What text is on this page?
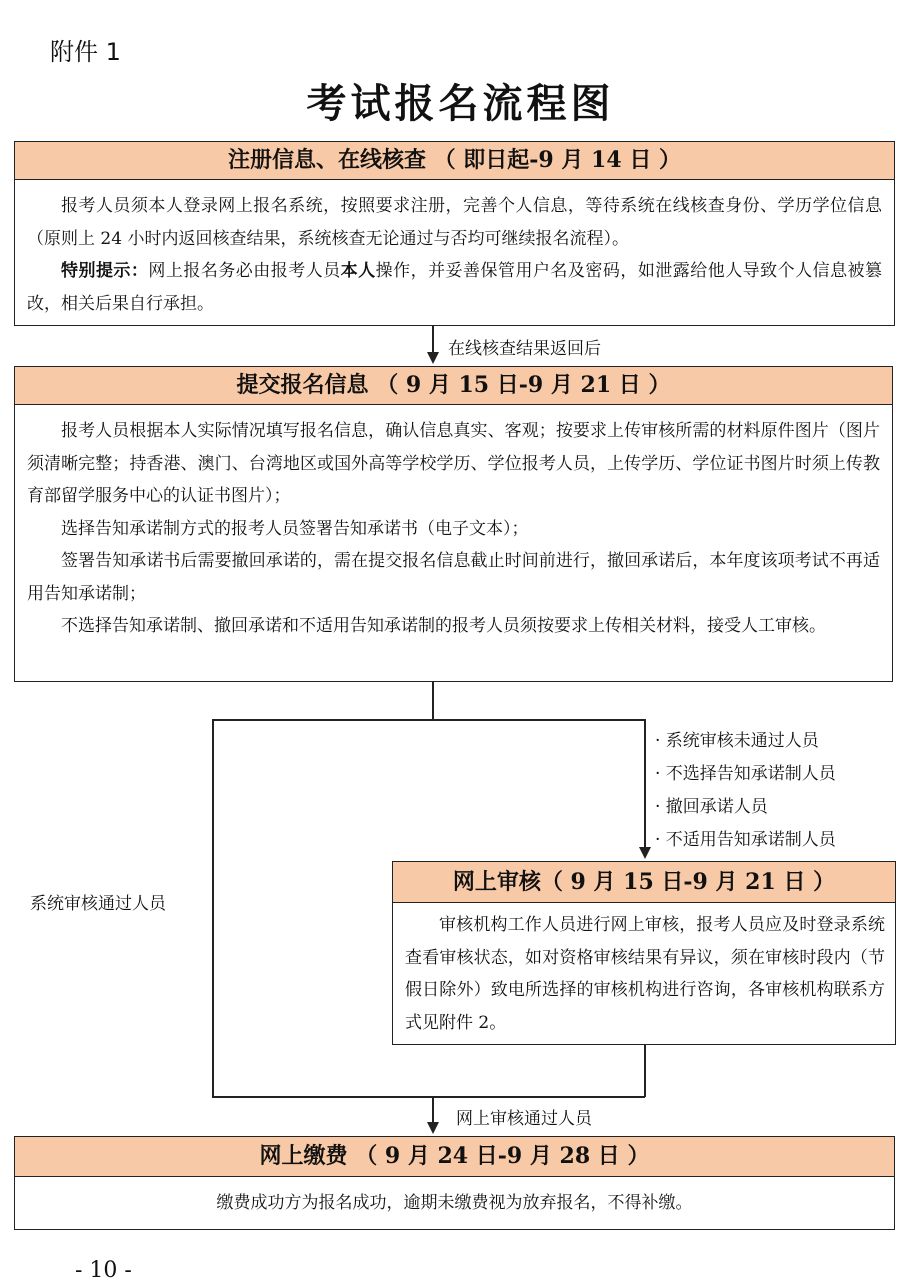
附件 1
考试报名流程图
注册信息、在线核查 （ 即日起-9 月 14 日 ）

报考人员须本人登录网上报名系统，按照要求注册，完善个人信息，等待系统在线核查身份、学历学位信息（原则上 24 小时内返回核查结果，系统核查无论通过与否均可继续报名流程）。

特别提示：网上报名务必由报考人员本人操作，并妥善保管用户名及密码，如泄露给他人导致个人信息被篡改，相关后果自行承担。

在线核查结果返回后
提交报名信息 （ 9 月 15 日-9 月 21 日 ）

报考人员根据本人实际情况填写报名信息，确认信息真实、客观；按要求上传审核所需的材料原件图片（图片须清晰完整；持香港、澳门、台湾地区或国外高等学校学历、学位报考人员，上传学历、学位证书图片时须上传教育部留学服务中心的认证书图片）；

选择告知承诺制方式的报考人员签署告知承诺书（电子文本）；

签署告知承诺书后需要撤回承诺的，需在提交报名信息截止时间前进行，撤回承诺后，本年度该项考试不再适用告知承诺制；

不选择告知承诺制、撤回承诺和不适用告知承诺制的报考人员须按要求上传相关材料，接受人工审核。

系统审核通过人员
· 系统审核未通过人员
· 不选择告知承诺制人员
· 撤回承诺人员
· 不适用告知承诺制人员
网上审核（ 9 月 15 日-9 月 21 日 ）

审核机构工作人员进行网上审核，报考人员应及时登录系统查看审核状态，如对资格审核结果有异议，须在审核时段内（节假日除外）致电所选择的审核机构进行咨询，各审核机构联系方式见附件 2。

网上审核通过人员
网上缴费 （ 9 月 24 日-9 月 28 日 ）
缴费成功方为报名成功，逾期未缴费视为放弃报名，不得补缴。
- 10 -
